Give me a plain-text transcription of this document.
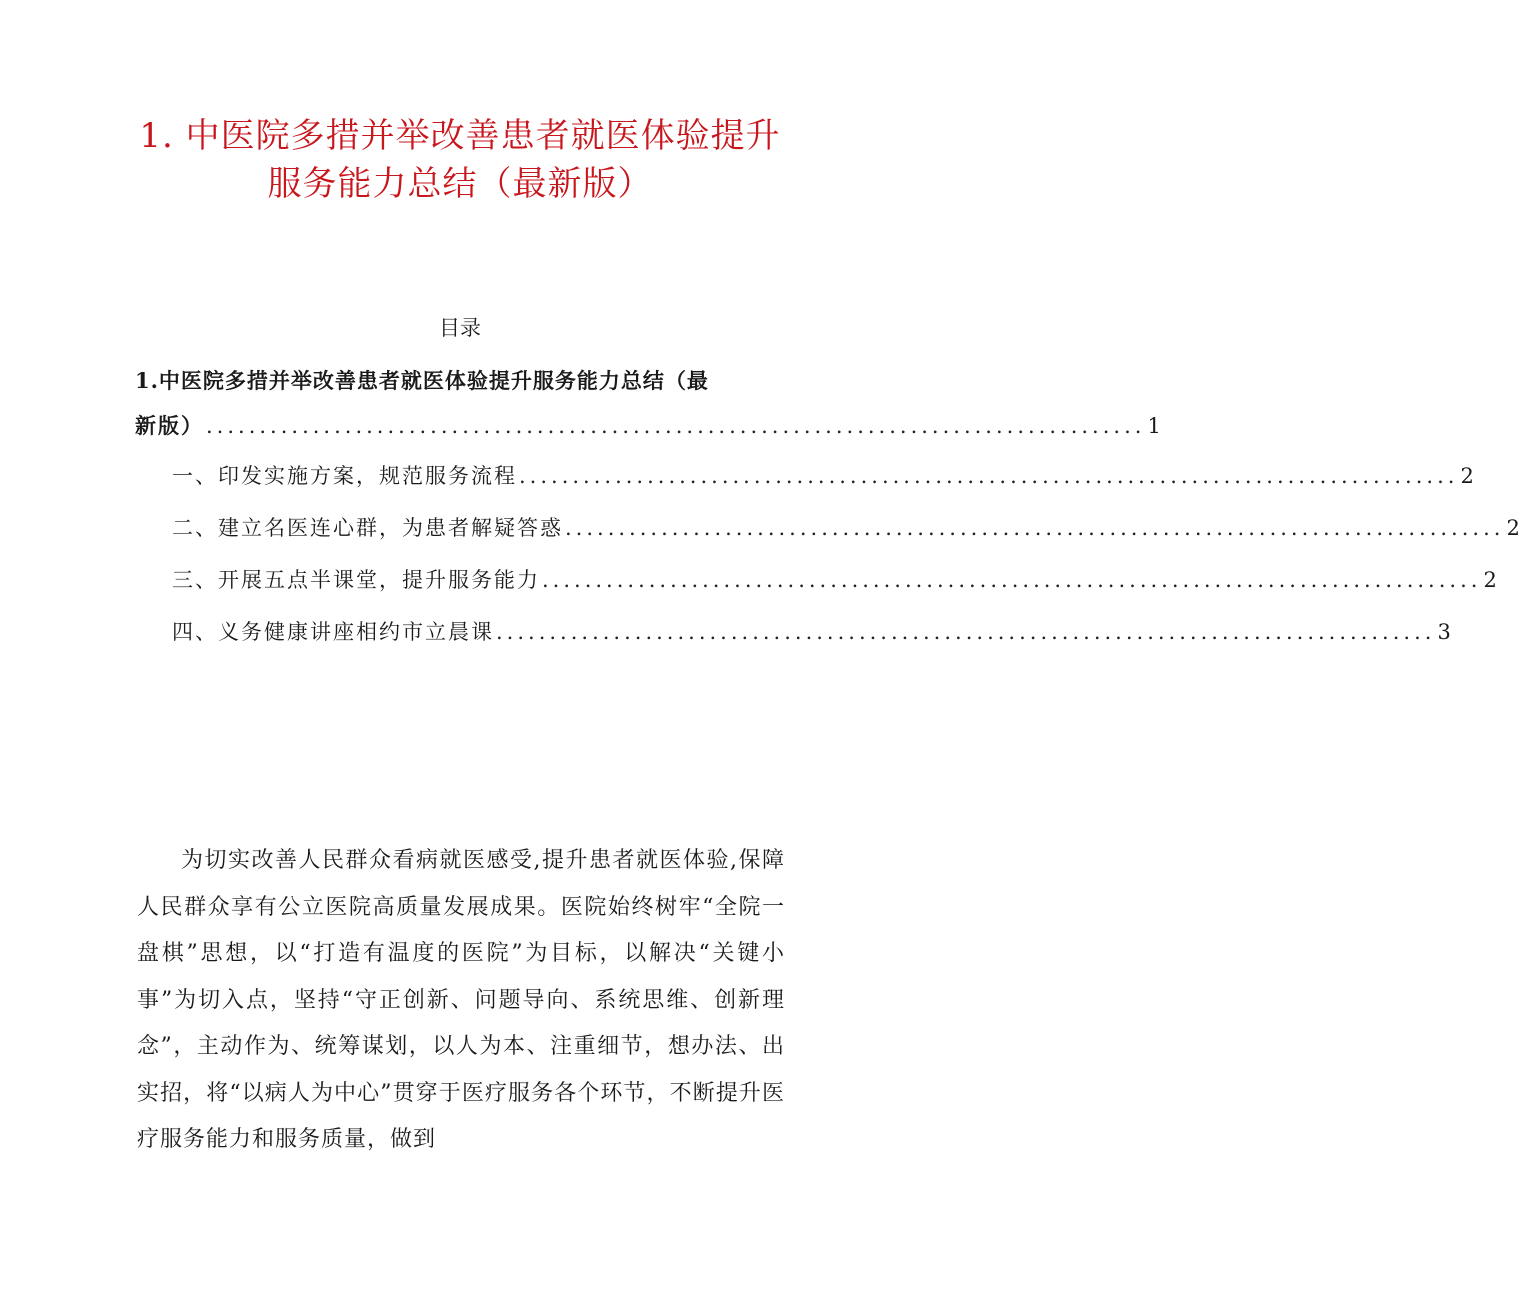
1. 中医院多措并举改善患者就医体验提升
服务能力总结（最新版）
目录
1.中医院多措并举改善患者就医体验提升服务能力总结（最
新版） ........................................................................................ 1
一、印发实施方案，规范服务流程 ........................................................................................ 2
二、建立名医连心群，为患者解疑答惑 ........................................................................................ 2
三、开展五点半课堂，提升服务能力 ........................................................................................ 2
四、义务健康讲座相约市立晨课 ........................................................................................ 3

为切实改善人民群众看病就医感受,提升患者就医体验,保障人民群众享有公立医院高质量发展成果。医院始终树牢“全院一盘棋”思想，以“打造有温度的医院”为目标，以解决“关键小事”为切入点，坚持“守正创新、问题导向、系统思维、创新理念”，主动作为、统筹谋划，以人为本、注重细节，想办法、出实招，将“以病人为中心”贯穿于医疗服务各个环节，不断提升医疗服务能力和服务质量，做到
